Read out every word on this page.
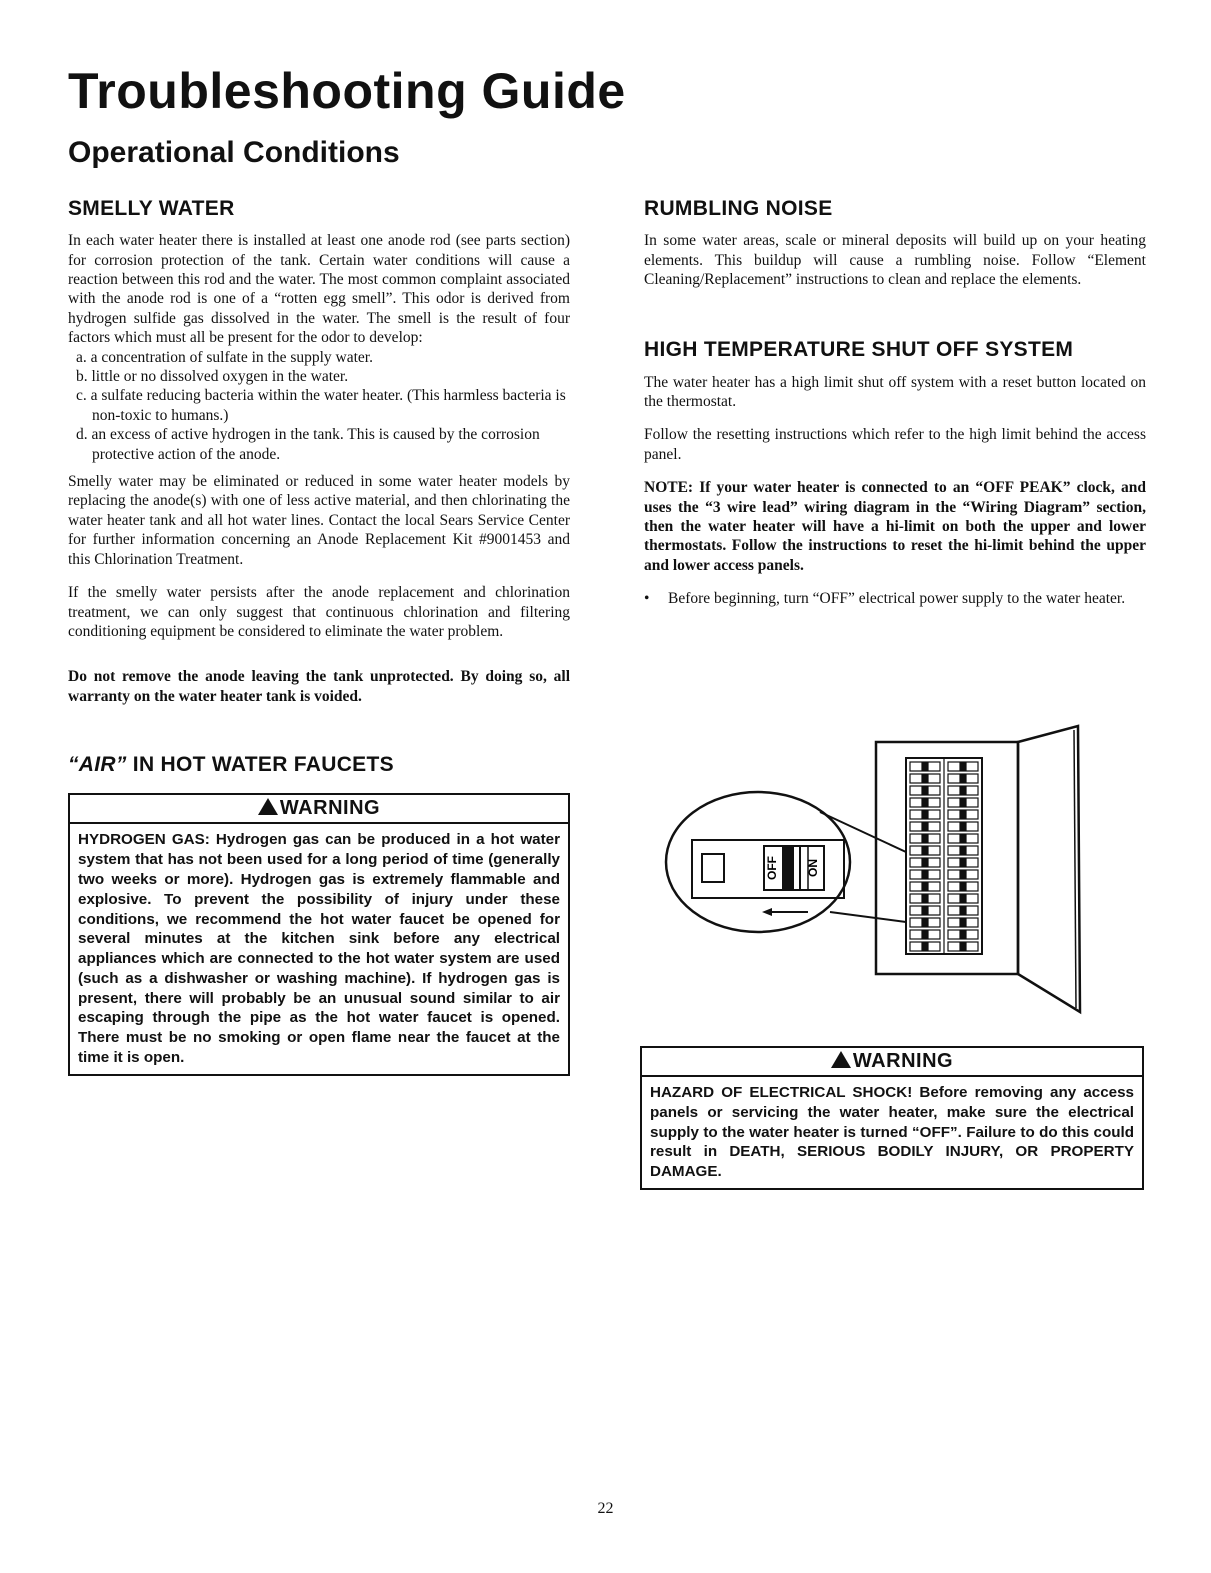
Troubleshooting Guide
Operational Conditions
SMELLY WATER

In each water heater there is installed at least one anode rod (see parts section) for corrosion protection of the tank. Certain water conditions will cause a reaction between this rod and the water. The most common complaint associated with the anode rod is one of a “rotten egg smell”. This odor is derived from hydrogen sulfide gas dissolved in the water. The smell is the result of four factors which must all be present for the odor to develop:

a. a concentration of sulfate in the supply water.
b. little or no dissolved oxygen in the water.
c. a sulfate reducing bacteria within the water heater. (This harmless bacteria is non-toxic to humans.)
d. an excess of active hydrogen in the tank. This is caused by the corrosion protective action of the anode.

Smelly water may be eliminated or reduced in some water heater models by replacing the anode(s) with one of less active material, and then chlorinating the water heater tank and all hot water lines. Contact the local Sears Service Center for further information concerning an Anode Replacement Kit #9001453 and this Chlorination Treatment.

If the smelly water persists after the anode replacement and chlorination treatment, we can only suggest that continuous chlorination and filtering conditioning equipment be considered to eliminate the water problem.

Do not remove the anode leaving the tank unprotected. By doing so, all warranty on the water heater tank is voided.

“AIR” IN HOT WATER FAUCETS
WARNING
HYDROGEN GAS: Hydrogen gas can be produced in a hot water system that has not been used for a long period of time (generally two weeks or more). Hydrogen gas is extremely flammable and explosive. To prevent the possibility of injury under these conditions, we recommend the hot water faucet be opened for several minutes at the kitchen sink before any electrical appliances which are connected to the hot water system are used (such as a dishwasher or washing machine). If hydrogen gas is present, there will probably be an unusual sound similar to air escaping through the pipe as the hot water faucet is opened. There must be no smoking or open flame near the faucet at the time it is open.
RUMBLING NOISE

In some water areas, scale or mineral deposits will build up on your heating elements. This buildup will cause a rumbling noise. Follow “Element Cleaning/Replacement” instructions to clean and replace the elements.

HIGH TEMPERATURE SHUT OFF SYSTEM

The water heater has a high limit shut off system with a reset button located on the thermostat.

Follow the resetting instructions which refer to the high limit behind the access panel.

NOTE: If your water heater is connected to an “OFF PEAK” clock, and uses the “3 wire lead” wiring diagram in the “Wiring Diagram” section, then the water heater will have a hi-limit on both the upper and lower thermostats. Follow the instructions to reset the hi-limit behind the upper and lower access panels.

•	Before beginning, turn “OFF” electrical power supply to the water heater.
OFF ON
WARNING
HAZARD OF ELECTRICAL SHOCK! Before removing any access panels or servicing the water heater, make sure the electrical supply to the water heater is turned “OFF”. Failure to do this could result in DEATH, SERIOUS BODILY INJURY, OR PROPERTY DAMAGE.
22
